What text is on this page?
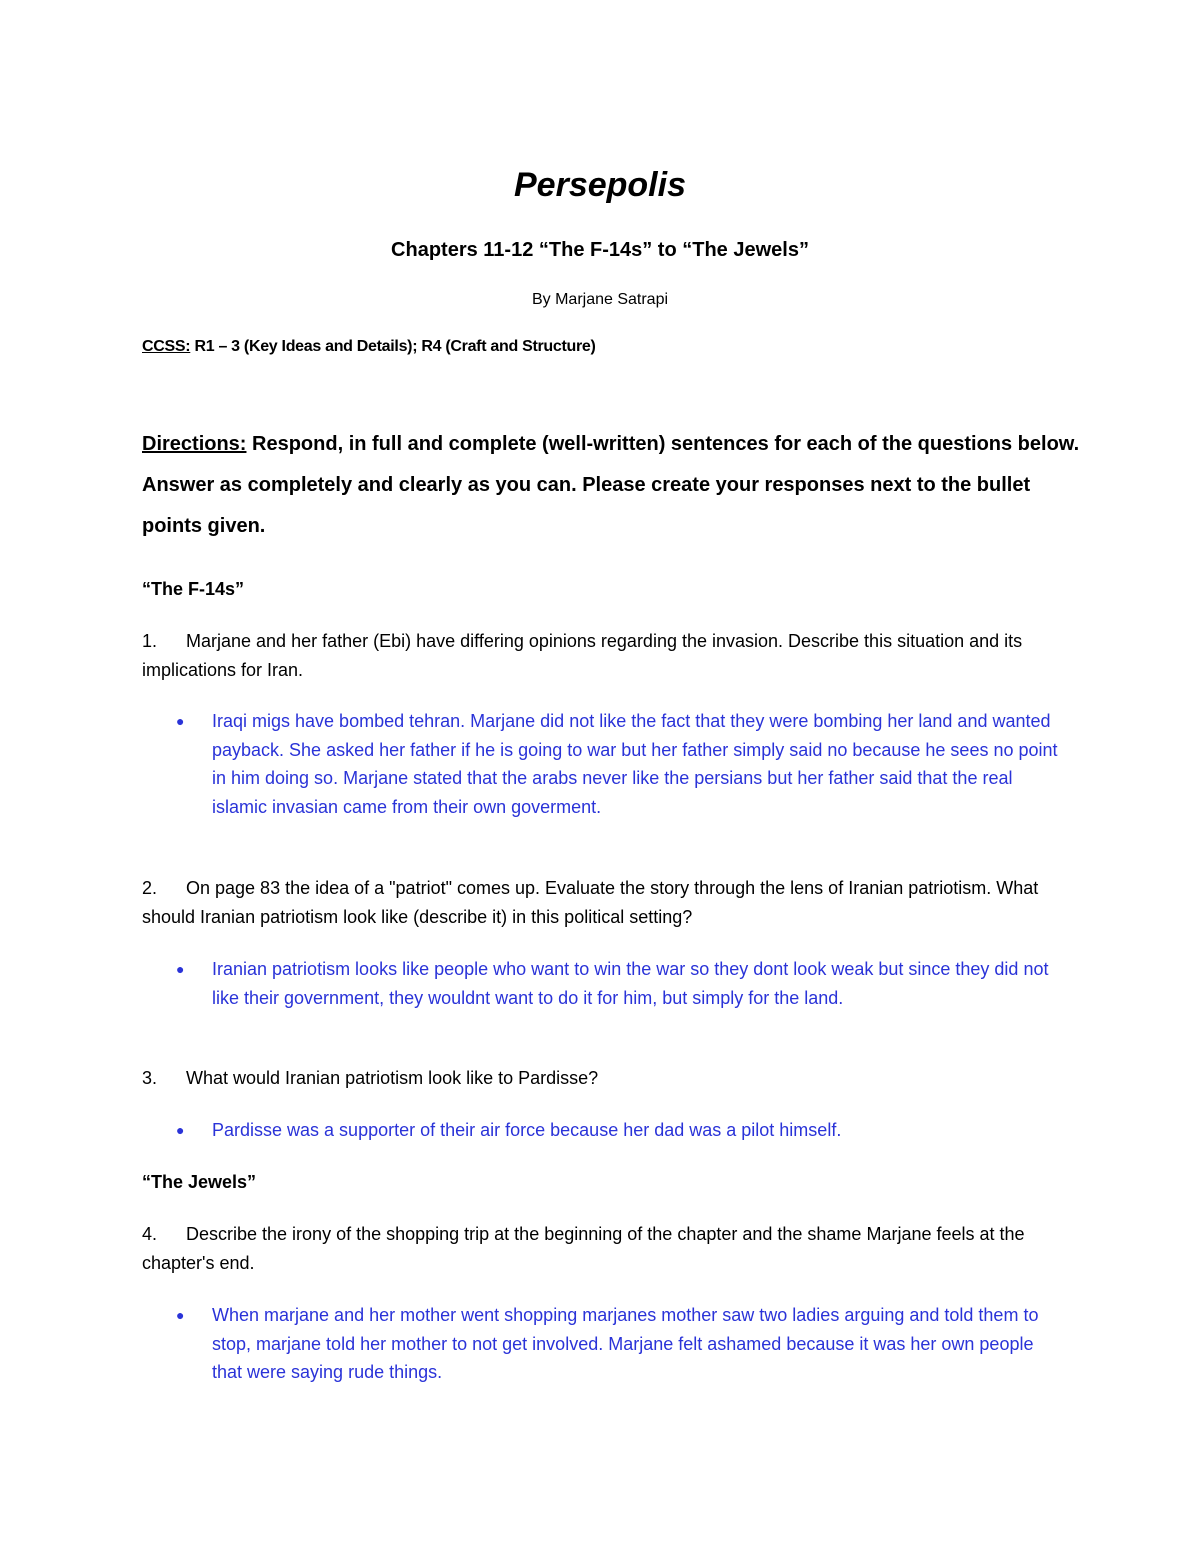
Persepolis
Chapters 11-12 “The F-14s” to “The Jewels”
By Marjane Satrapi
CCSS: R1 – 3 (Key Ideas and Details); R4 (Craft and Structure)
Directions: Respond, in full and complete (well-written) sentences for each of the questions below. Answer as completely and clearly as you can. Please create your responses next to the bullet points given.
“The F-14s”
1. Marjane and her father (Ebi) have differing opinions regarding the invasion. Describe this situation and its implications for Iran.
● Iraqi migs have bombed tehran. Marjane did not like the fact that they were bombing her land and wanted payback. She asked her father if he is going to war but her father simply said no because he sees no point in him doing so. Marjane stated that the arabs never like the persians but her father said that the real islamic invasian came from their own goverment.
2. On page 83 the idea of a "patriot" comes up. Evaluate the story through the lens of Iranian patriotism. What should Iranian patriotism look like (describe it) in this political setting?
● Iranian patriotism looks like people who want to win the war so they dont look weak but since they did not like their government, they wouldnt want to do it for him, but simply for the land.
3. What would Iranian patriotism look like to Pardisse?
● Pardisse was a supporter of their air force because her dad was a pilot himself.
“The Jewels”
4. Describe the irony of the shopping trip at the beginning of the chapter and the shame Marjane feels at the chapter's end.
● When marjane and her mother went shopping marjanes mother saw two ladies arguing and told them to stop, marjane told her mother to not get involved. Marjane felt ashamed because it was her own people that were saying rude things.
